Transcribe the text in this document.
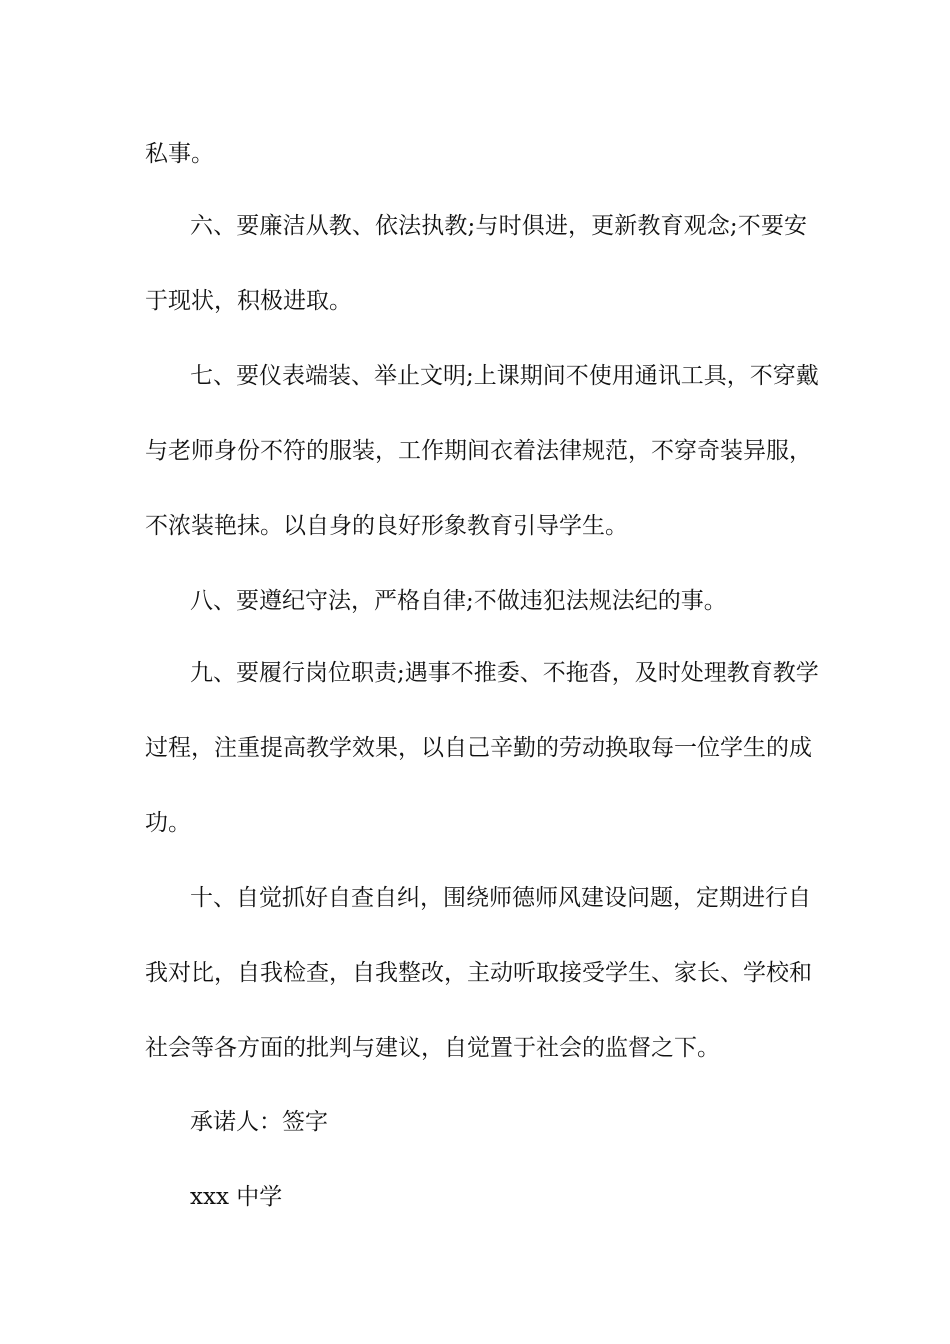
私事。
六、要廉洁从教、依法执教;与时俱进，更新教育观念;不要安
于现状，积极进取。
七、要仪表端装、举止文明;上课期间不使用通讯工具，不穿戴
与老师身份不符的服装，工作期间衣着法律规范，不穿奇装异服，
不浓装艳抹。以自身的良好形象教育引导学生。
八、要遵纪守法，严格自律;不做违犯法规法纪的事。
九、要履行岗位职责;遇事不推委、不拖沓，及时处理教育教学
过程，注重提高教学效果，以自己辛勤的劳动换取每一位学生的成
功。
十、自觉抓好自查自纠，围绕师德师风建设问题，定期进行自
我对比，自我检查，自我整改，主动听取接受学生、家长、学校和
社会等各方面的批判与建议，自觉置于社会的监督之下。
承诺人：签字
xxx 中学
